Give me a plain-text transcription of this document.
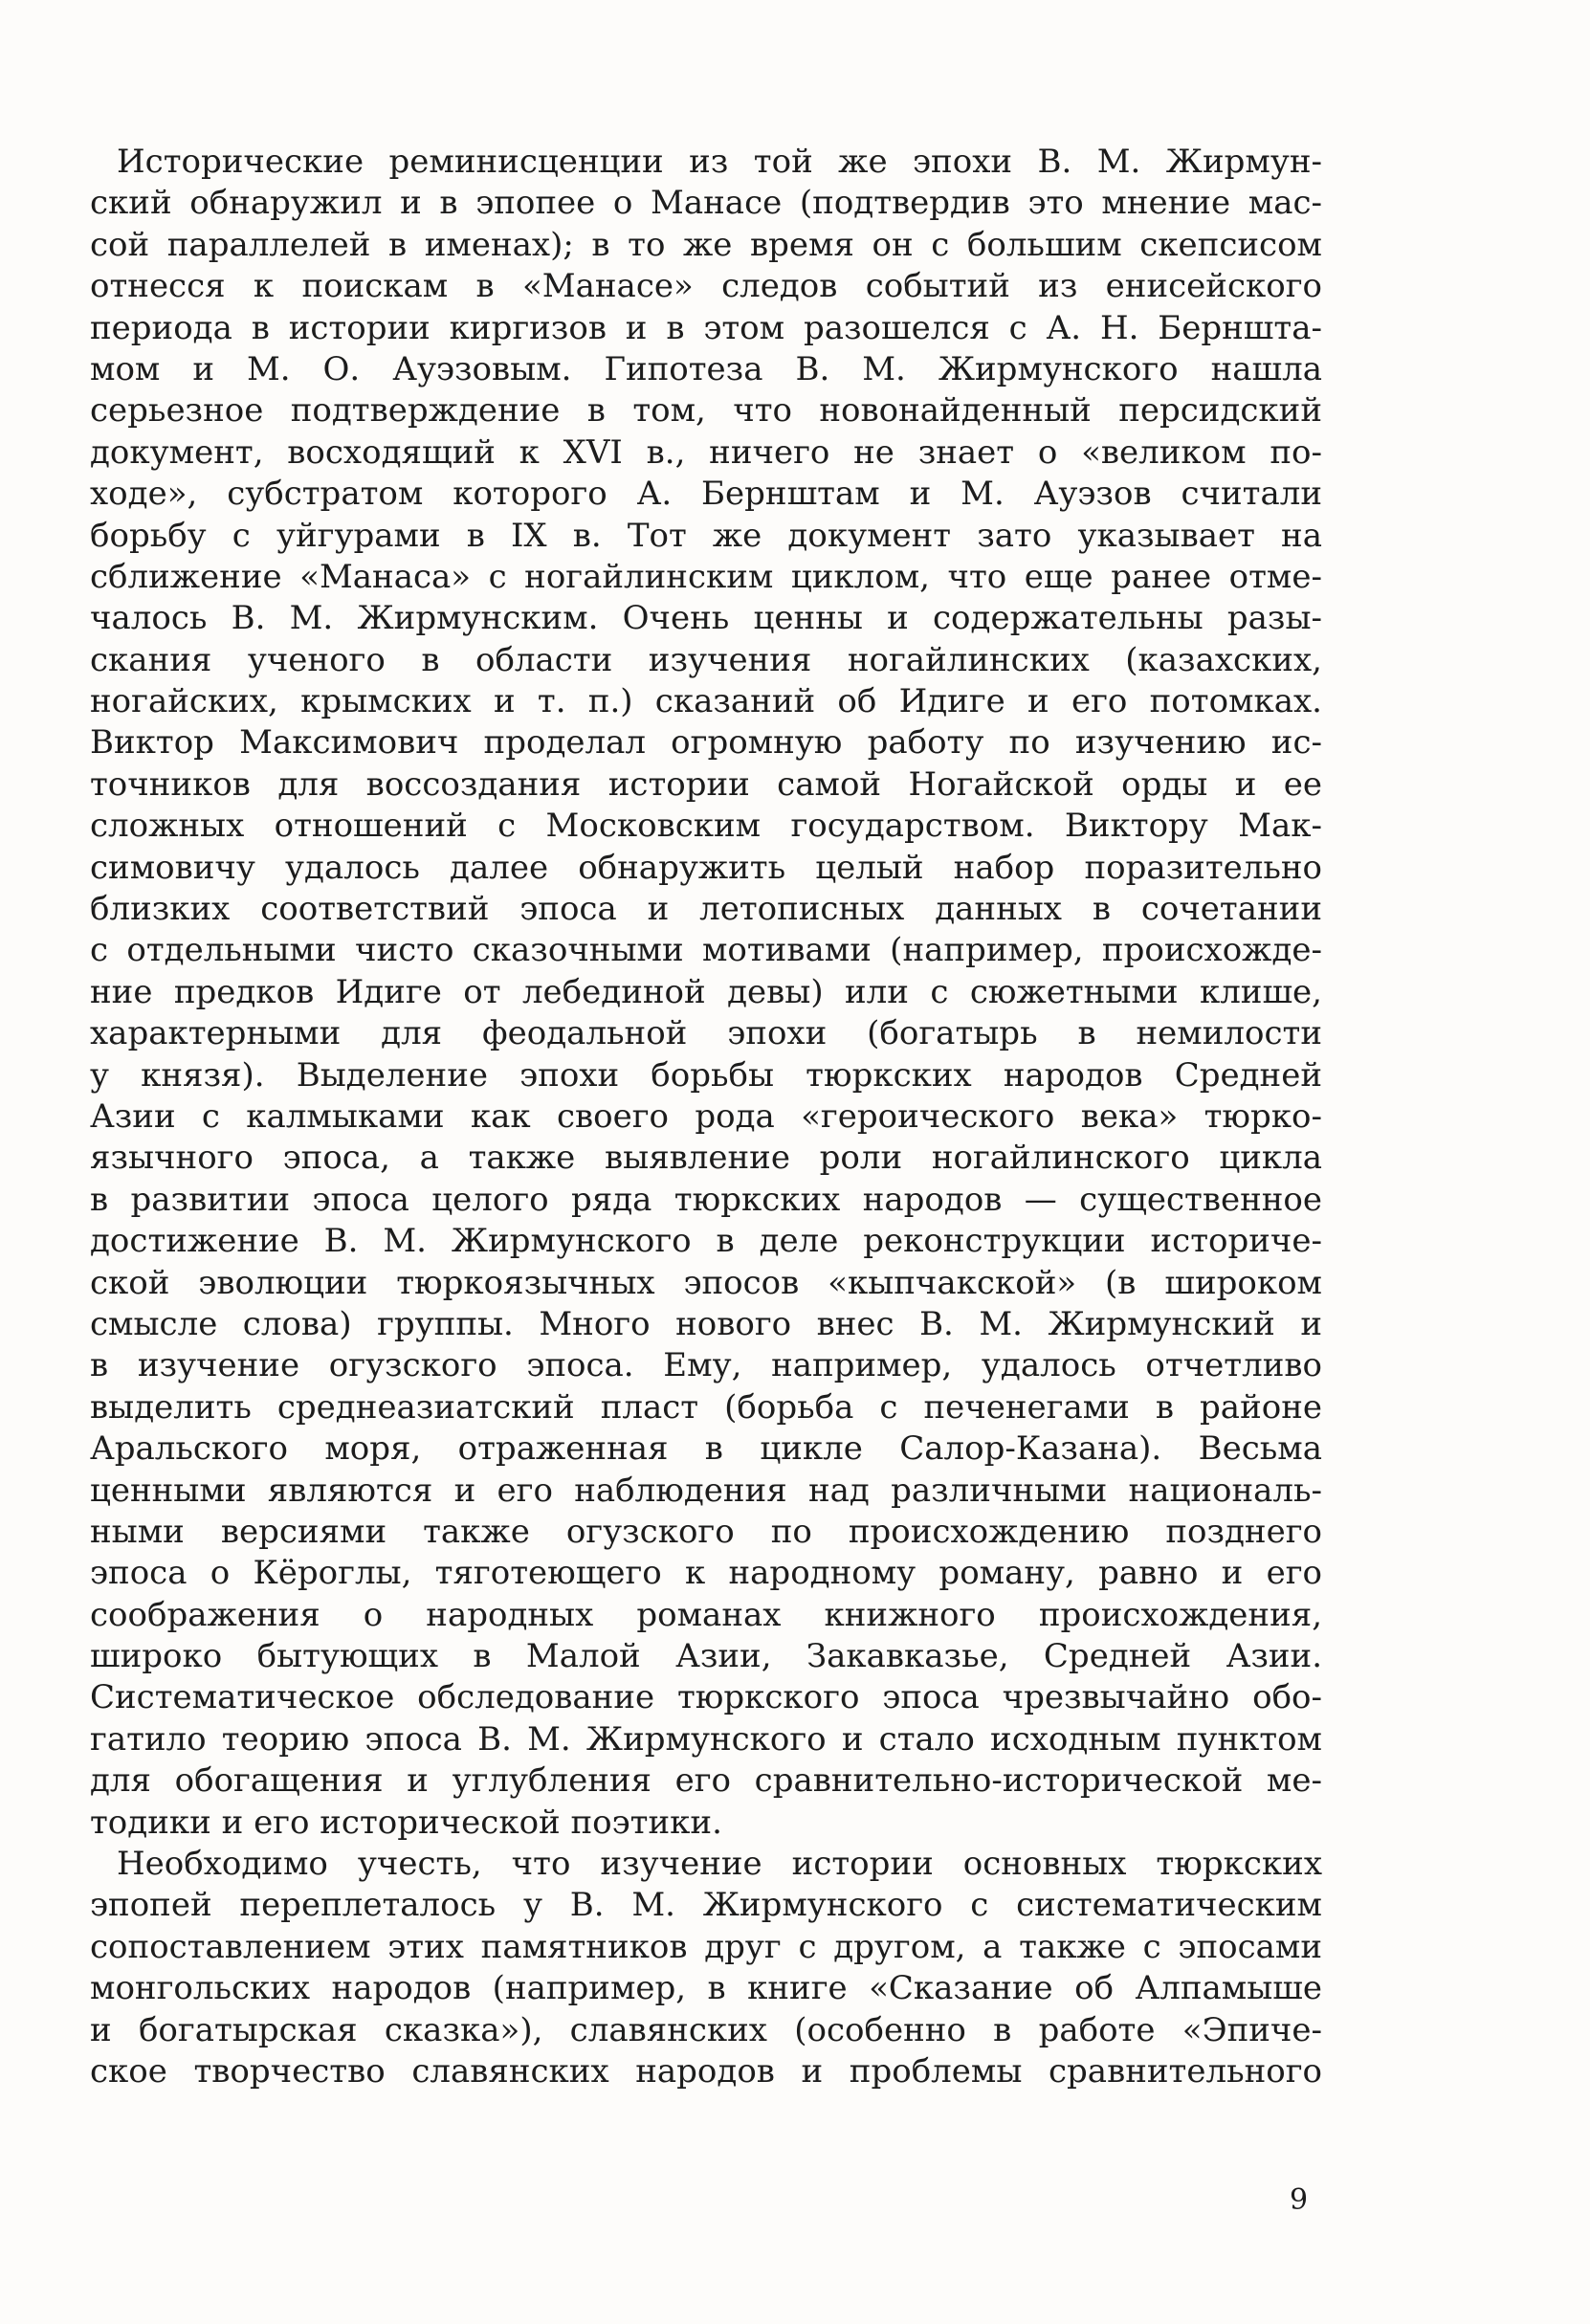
Исторические реминисценции из той же эпохи В. М. Жирмун-
ский обнаружил и в эпопее о Манасе (подтвердив это мнение мас-
сой параллелей в именах); в то же время он с большим скепсисом
отнесся к поискам в «Манасе» следов событий из енисейского
периода в истории киргизов и в этом разошелся с А. Н. Берншта-
мом и М. О. Ауэзовым. Гипотеза В. М. Жирмунского нашла
серьезное подтверждение в том, что новонайденный персидский
документ, восходящий к XVI в., ничего не знает о «великом по-
ходе», субстратом которого А. Бернштам и М. Ауэзов считали
борьбу с уйгурами в IX в. Тот же документ зато указывает на
сближение «Манаса» с ногайлинским циклом, что еще ранее отме-
чалось В. М. Жирмунским. Очень ценны и содержательны разы-
скания ученого в области изучения ногайлинских (казахских,
ногайских, крымских и т. п.) сказаний об Идиге и его потомках.
Виктор Максимович проделал огромную работу по изучению ис-
точников для воссоздания истории самой Ногайской орды и ее
сложных отношений с Московским государством. Виктору Мак-
симовичу удалось далее обнаружить целый набор поразительно
близких соответствий эпоса и летописных данных в сочетании
с отдельными чисто сказочными мотивами (например, происхожде-
ние предков Идиге от лебединой девы) или с сюжетными клише,
характерными для феодальной эпохи (богатырь в немилости
у князя). Выделение эпохи борьбы тюркских народов Средней
Азии с калмыками как своего рода «героического века» тюрко-
язычного эпоса, а также выявление роли ногайлинского цикла
в развитии эпоса целого ряда тюркских народов — существенное
достижение В. М. Жирмунского в деле реконструкции историче-
ской эволюции тюркоязычных эпосов «кыпчакской» (в широком
смысле слова) группы. Много нового внес В. М. Жирмунский и
в изучение огузского эпоса. Ему, например, удалось отчетливо
выделить среднеазиатский пласт (борьба с печенегами в районе
Аральского моря, отраженная в цикле Салор-Казана). Весьма
ценными являются и его наблюдения над различными националь-
ными версиями также огузского по происхождению позднего
эпоса о Кёроглы, тяготеющего к народному роману, равно и его
соображения о народных романах книжного происхождения,
широко бытующих в Малой Азии, Закавказье, Средней Азии.
Систематическое обследование тюркского эпоса чрезвычайно обо-
гатило теорию эпоса В. М. Жирмунского и стало исходным пунктом
для обогащения и углубления его сравнительно-исторической ме-
тодики и его исторической поэтики.
Необходимо учесть, что изучение истории основных тюркских
эпопей переплеталось у В. М. Жирмунского с систематическим
сопоставлением этих памятников друг с другом, а также с эпосами
монгольских народов (например, в книге «Сказание об Алпамыше
и богатырская сказка»), славянских (особенно в работе «Эпиче-
ское творчество славянских народов и проблемы сравнительного
9
